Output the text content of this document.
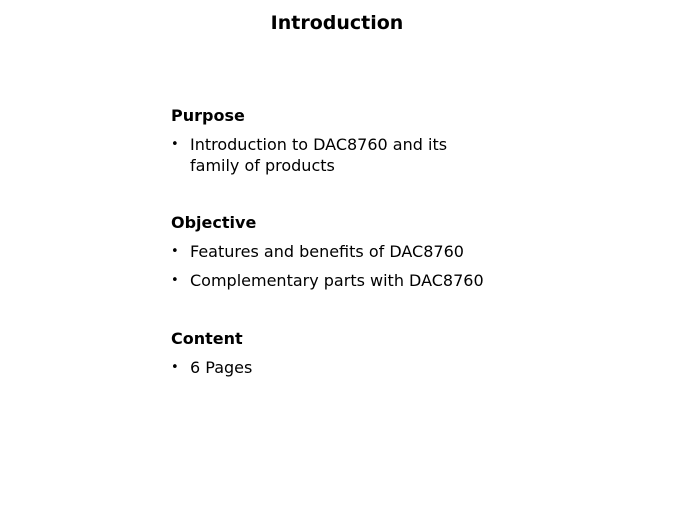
Introduction
Purpose
• Introduction to DAC8760 and its family of products
Objective
• Features and benefits of DAC8760
• Complementary parts with DAC8760
Content
• 6 Pages
